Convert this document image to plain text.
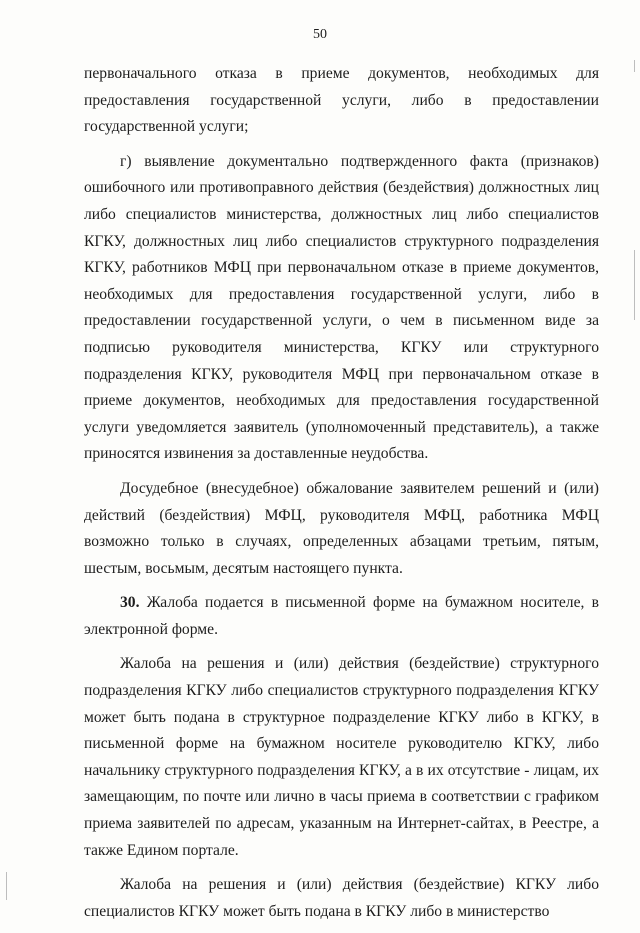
50

первоначального отказа в приеме документов, необходимых для предоставления государственной услуги, либо в предоставлении государственной услуги;

г) выявление документально подтвержденного факта (признаков) ошибочного или противоправного действия (бездействия) должностных лиц либо специалистов министерства, должностных лиц либо специалистов КГКУ, должностных лиц либо специалистов структурного подразделения КГКУ, работников МФЦ при первоначальном отказе в приеме документов, необходимых для предоставления государственной услуги, либо в предоставлении государственной услуги, о чем в письменном виде за подписью руководителя министерства, КГКУ или структурного подразделения КГКУ, руководителя МФЦ при первоначальном отказе в приеме документов, необходимых для предоставления государственной услуги уведомляется заявитель (уполномоченный представитель), а также приносятся извинения за доставленные неудобства.

Досудебное (внесудебное) обжалование заявителем решений и (или) действий (бездействия) МФЦ, руководителя МФЦ, работника МФЦ возможно только в случаях, определенных абзацами третьим, пятым, шестым, восьмым, десятым настоящего пункта.

30. Жалоба подается в письменной форме на бумажном носителе, в электронной форме.

Жалоба на решения и (или) действия (бездействие) структурного подразделения КГКУ либо специалистов структурного подразделения КГКУ может быть подана в структурное подразделение КГКУ либо в КГКУ, в письменной форме на бумажном носителе руководителю КГКУ, либо начальнику структурного подразделения КГКУ, а в их отсутствие - лицам, их замещающим, по почте или лично в часы приема в соответствии с графиком приема заявителей по адресам, указанным на Интернет-сайтах, в Реестре, а также Едином портале.

Жалоба на решения и (или) действия (бездействие) КГКУ либо специалистов КГКУ может быть подана в КГКУ либо в министерство
